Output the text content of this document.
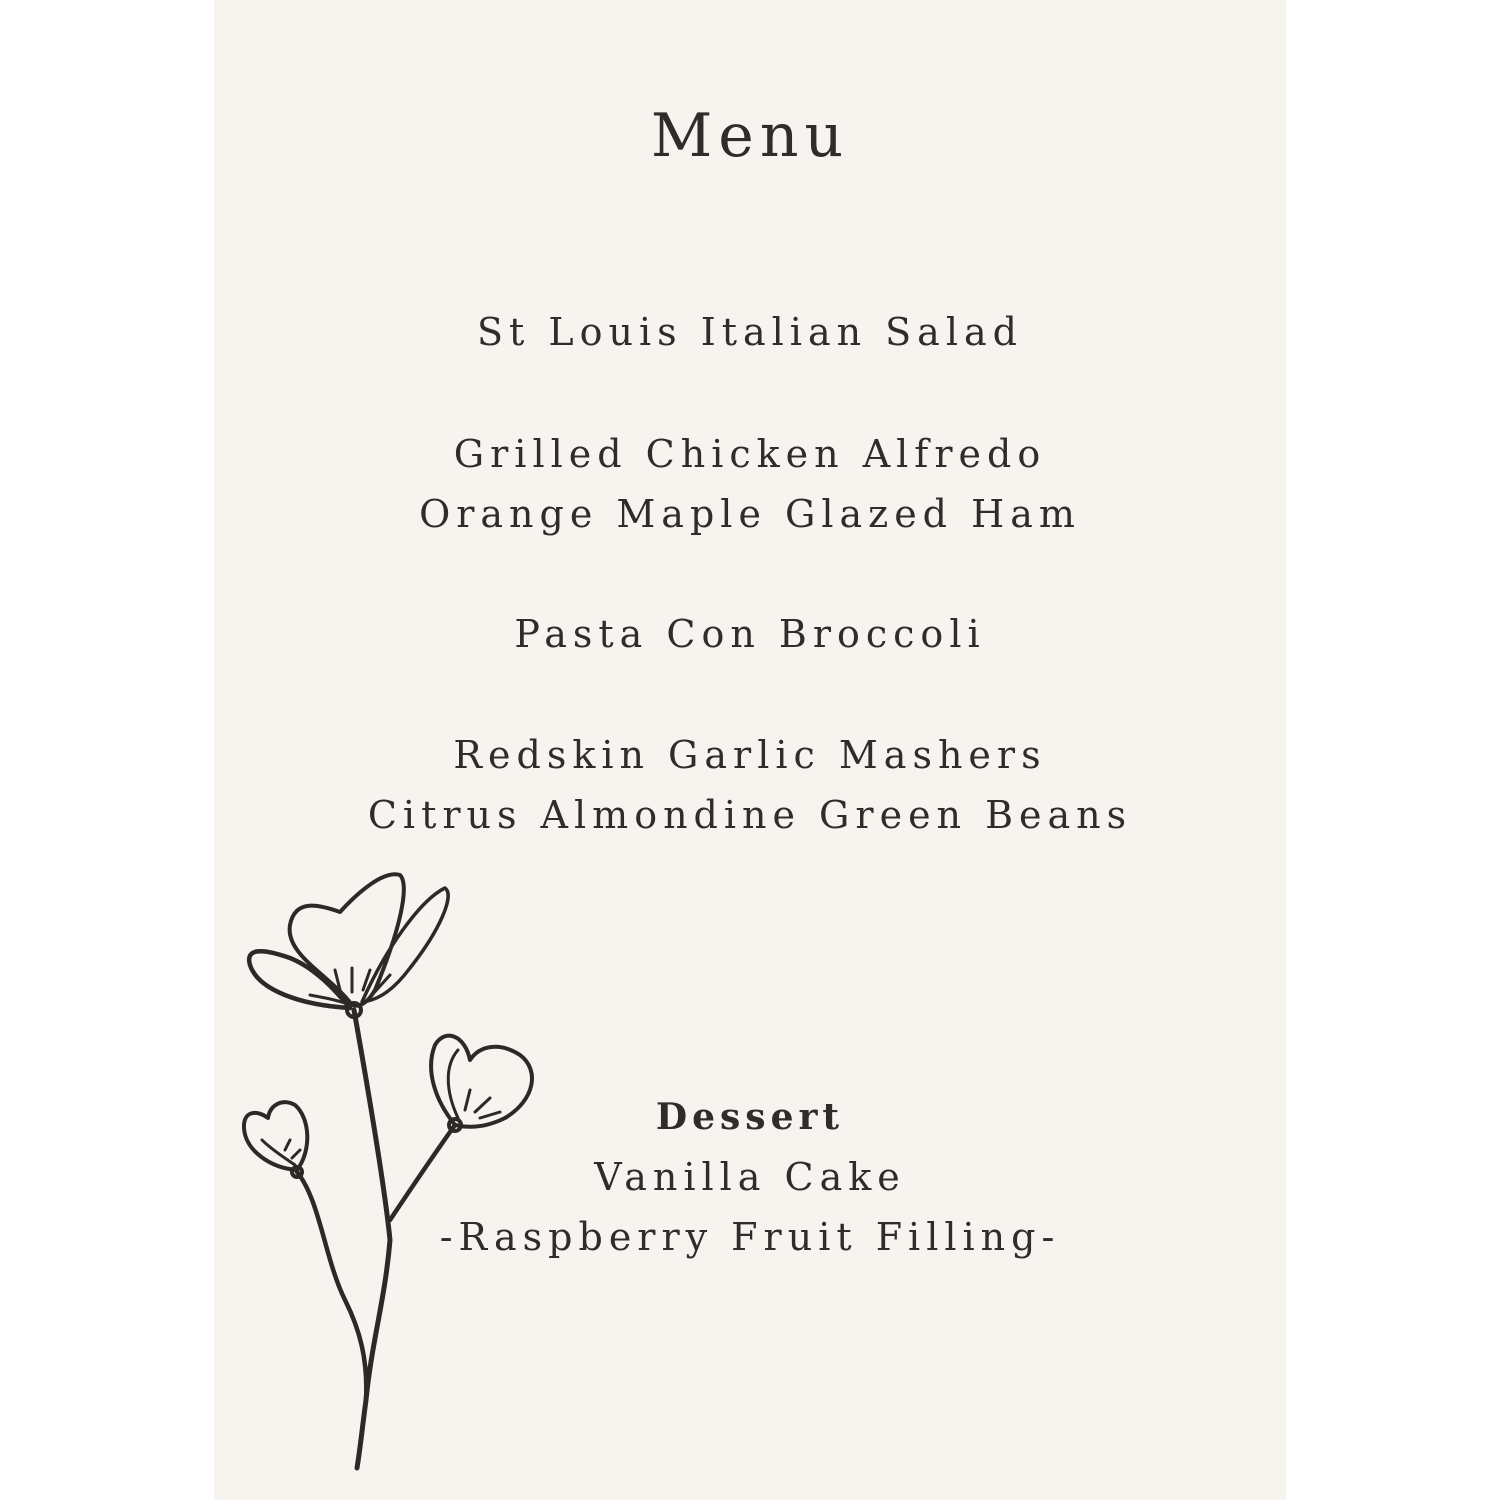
Menu
St Louis Italian Salad
Grilled Chicken Alfredo
Orange Maple Glazed Ham
Pasta Con Broccoli
Redskin Garlic Mashers
Citrus Almondine Green Beans
Dessert
Vanilla Cake
-Raspberry Fruit Filling-
